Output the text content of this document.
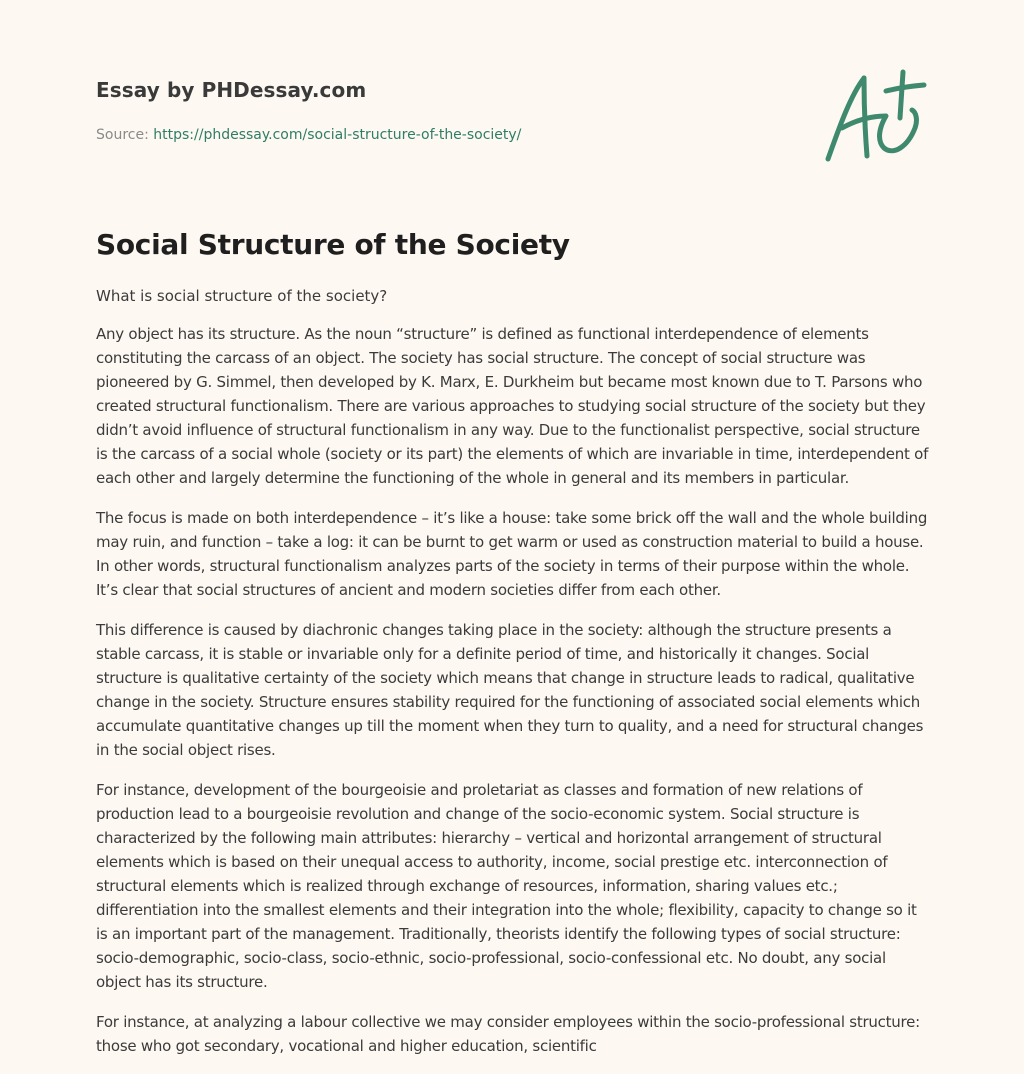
Essay by PHDessay.com
Source: https://phdessay.com/social-structure-of-the-society/
Social Structure of the Society

What is social structure of the society?

Any object has its structure. As the noun “structure” is defined as functional interdependence of elements constituting the carcass of an object. The society has social structure. The concept of social structure was pioneered by G. Simmel, then developed by K. Marx, E. Durkheim but became most known due to T. Parsons who created structural functionalism. There are various approaches to studying social structure of the society but they didn’t avoid influence of structural functionalism in any way. Due to the functionalist perspective, social structure is the carcass of a social whole (society or its part) the elements of which are invariable in time, interdependent of each other and largely determine the functioning of the whole in general and its members in particular.

The focus is made on both interdependence – it’s like a house: take some brick off the wall and the whole building may ruin, and function – take a log: it can be burnt to get warm or used as construction material to build a house. In other words, structural functionalism analyzes parts of the society in terms of their purpose within the whole. It’s clear that social structures of ancient and modern societies differ from each other.

This difference is caused by diachronic changes taking place in the society: although the structure presents a stable carcass, it is stable or invariable only for a definite period of time, and historically it changes. Social structure is qualitative certainty of the society which means that change in structure leads to radical, qualitative change in the society. Structure ensures stability required for the functioning of associated social elements which accumulate quantitative changes up till the moment when they turn to quality, and a need for structural changes in the social object rises.

For instance, development of the bourgeoisie and proletariat as classes and formation of new relations of production lead to a bourgeoisie revolution and change of the socio-economic system. Social structure is characterized by the following main attributes: hierarchy – vertical and horizontal arrangement of structural elements which is based on their unequal access to authority, income, social prestige etc. interconnection of structural elements which is realized through exchange of resources, information, sharing values etc.; differentiation into the smallest elements and their integration into the whole; flexibility, capacity to change so it is an important part of the management. Traditionally, theorists identify the following types of social structure: socio-demographic, socio-class, socio-ethnic, socio-professional, socio-confessional etc. No doubt, any social object has its structure.

For instance, at analyzing a labour collective we may consider employees within the socio-professional structure: those who got secondary, vocational and higher education, scientific
